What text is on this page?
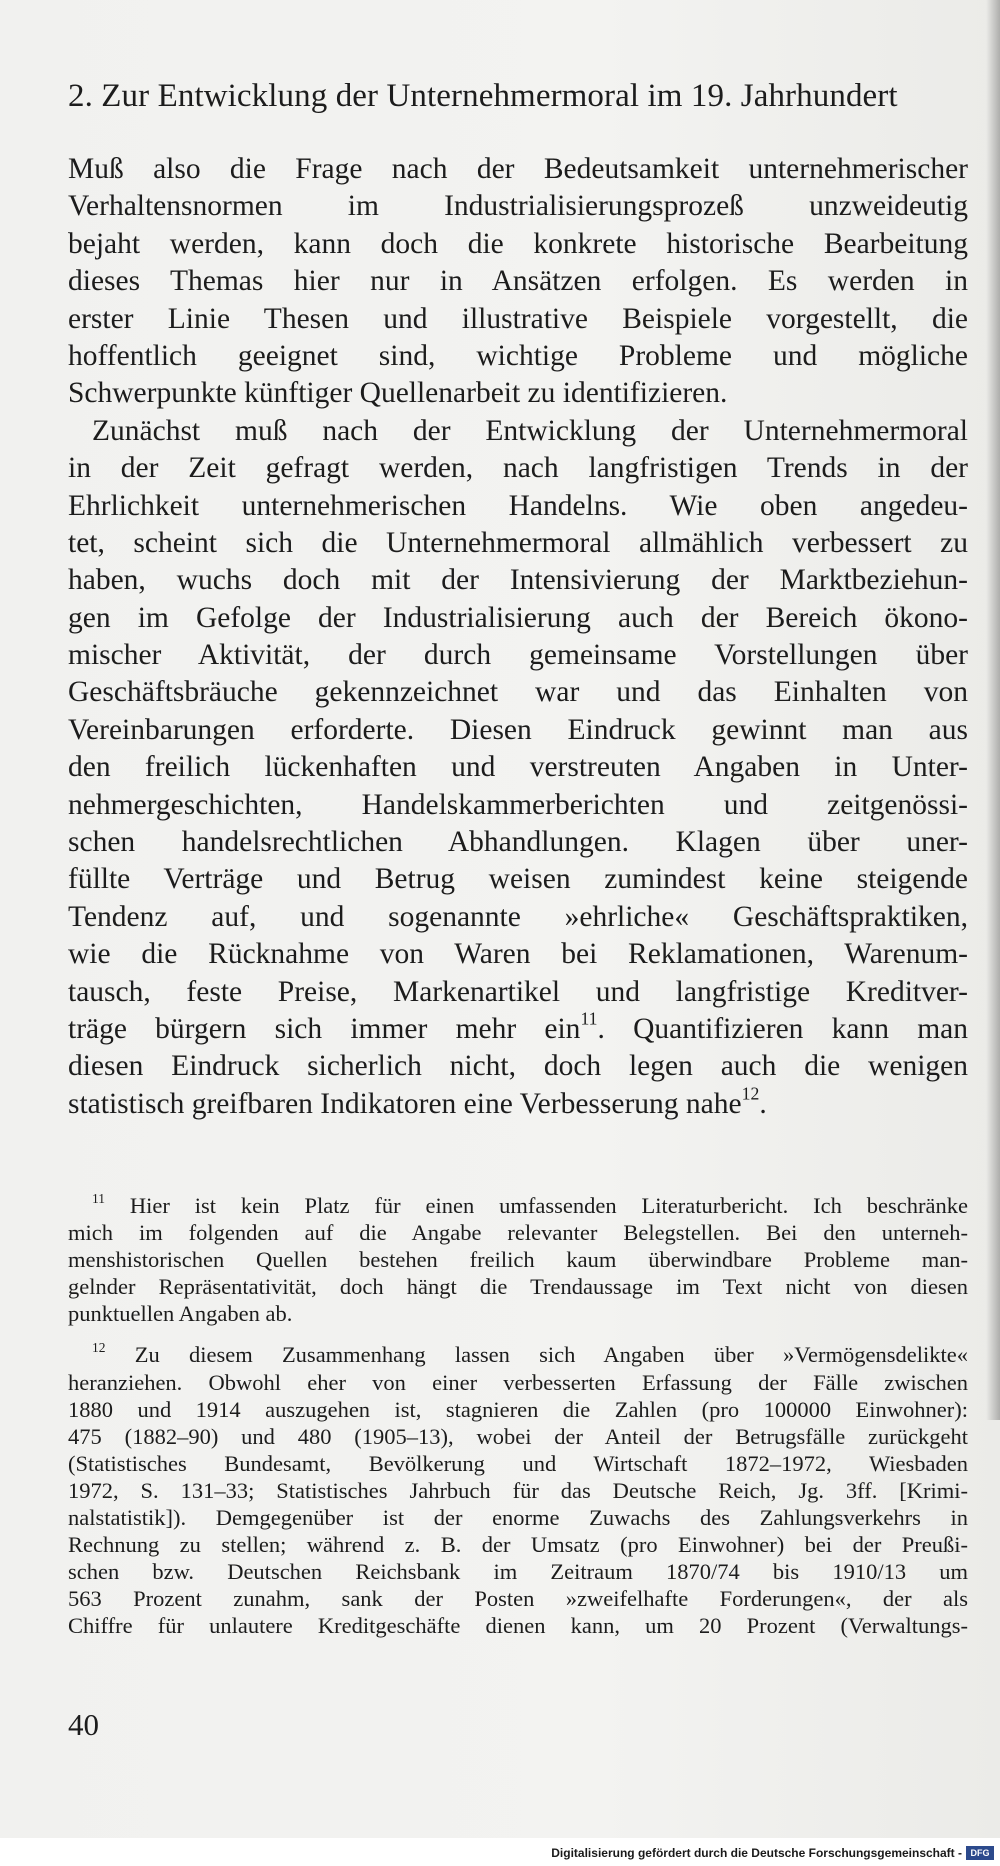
2. Zur Entwicklung der Unternehmermoral im 19. Jahrhundert
Muß also die Frage nach der Bedeutsamkeit unternehmerischer
Verhaltensnormen im Industrialisierungsprozeß unzweideutig
bejaht werden, kann doch die konkrete historische Bearbeitung
dieses Themas hier nur in Ansätzen erfolgen. Es werden in
erster Linie Thesen und illustrative Beispiele vorgestellt, die
hoffentlich geeignet sind, wichtige Probleme und mögliche
Schwerpunkte künftiger Quellenarbeit zu identifizieren.
Zunächst muß nach der Entwicklung der Unternehmermoral
in der Zeit gefragt werden, nach langfristigen Trends in der
Ehrlichkeit unternehmerischen Handelns. Wie oben angedeu-
tet, scheint sich die Unternehmermoral allmählich verbessert zu
haben, wuchs doch mit der Intensivierung der Marktbeziehun-
gen im Gefolge der Industrialisierung auch der Bereich ökono-
mischer Aktivität, der durch gemeinsame Vorstellungen über
Geschäftsbräuche gekennzeichnet war und das Einhalten von
Vereinbarungen erforderte. Diesen Eindruck gewinnt man aus
den freilich lückenhaften und verstreuten Angaben in Unter-
nehmergeschichten, Handelskammerberichten und zeitgenössi-
schen handelsrechtlichen Abhandlungen. Klagen über uner-
füllte Verträge und Betrug weisen zumindest keine steigende
Tendenz auf, und sogenannte »ehrliche« Geschäftspraktiken,
wie die Rücknahme von Waren bei Reklamationen, Warenum-
tausch, feste Preise, Markenartikel und langfristige Kreditver-
träge bürgern sich immer mehr ein$^{11}$. Quantifizieren kann man
diesen Eindruck sicherlich nicht, doch legen auch die wenigen
statistisch greifbaren Indikatoren eine Verbesserung nahe$^{12}$.
$^{11}$ Hier ist kein Platz für einen umfassenden Literaturbericht. Ich beschränke
mich im folgenden auf die Angabe relevanter Belegstellen. Bei den unterneh-
menshistorischen Quellen bestehen freilich kaum überwindbare Probleme man-
gelnder Repräsentativität, doch hängt die Trendaussage im Text nicht von diesen
punktuellen Angaben ab.
$^{12}$ Zu diesem Zusammenhang lassen sich Angaben über »Vermögensdelikte«
heranziehen. Obwohl eher von einer verbesserten Erfassung der Fälle zwischen
1880 und 1914 auszugehen ist, stagnieren die Zahlen (pro 100000 Einwohner):
475 (1882–90) und 480 (1905–13), wobei der Anteil der Betrugsfälle zurückgeht
(Statistisches Bundesamt, Bevölkerung und Wirtschaft 1872–1972, Wiesbaden
1972, S. 131–33; Statistisches Jahrbuch für das Deutsche Reich, Jg. 3ff. [Krimi-
nalstatistik]). Demgegenüber ist der enorme Zuwachs des Zahlungsverkehrs in
Rechnung zu stellen; während z. B. der Umsatz (pro Einwohner) bei der Preußi-
schen bzw. Deutschen Reichsbank im Zeitraum 1870/74 bis 1910/13 um
563 Prozent zunahm, sank der Posten »zweifelhafte Forderungen«, der als
Chiffre für unlautere Kreditgeschäfte dienen kann, um 20 Prozent (Verwaltungs-
40
Digitalisierung gefördert durch die Deutsche Forschungsgemeinschaft - DFG
